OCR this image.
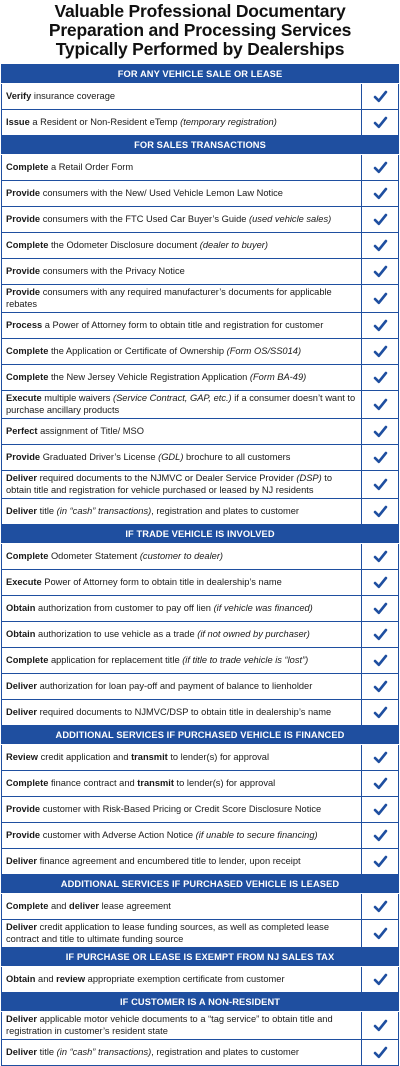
Valuable Professional Documentary
Preparation and Processing Services
Typically Performed by Dealerships
FOR ANY VEHICLE SALE OR LEASE
Verify insurance coverage
Issue a Resident or Non-Resident eTemp (temporary registration)
FOR SALES TRANSACTIONS
Complete a Retail Order Form
Provide consumers with the New/ Used Vehicle Lemon Law Notice
Provide consumers with the FTC Used Car Buyer’s Guide (used vehicle sales)
Complete the Odometer Disclosure document (dealer to buyer)
Provide consumers with the Privacy Notice
Provide consumers with any required manufacturer’s documents for applicable rebates
Process a Power of Attorney form to obtain title and registration for customer
Complete the Application or Certificate of Ownership (Form OS/SS014)
Complete the New Jersey Vehicle Registration Application (Form BA-49)
Execute multiple waivers (Service Contract, GAP, etc.) if a consumer doesn’t want to purchase ancillary products
Perfect assignment of Title/ MSO
Provide Graduated Driver’s License (GDL) brochure to all customers
Deliver required documents to the NJMVC or Dealer Service Provider (DSP) to obtain title and registration for vehicle purchased or leased by NJ residents
Deliver title (in “cash” transactions), registration and plates to customer
IF TRADE VEHICLE IS INVOLVED
Complete Odometer Statement (customer to dealer)
Execute Power of Attorney form to obtain title in dealership’s name
Obtain authorization from customer to pay off lien (if vehicle was financed)
Obtain authorization to use vehicle as a trade (if not owned by purchaser)
Complete application for replacement title (if title to trade vehicle is “lost”)
Deliver authorization for loan pay-off and payment of balance to lienholder
Deliver required documents to NJMVC/DSP to obtain title in dealership’s name
ADDITIONAL SERVICES IF PURCHASED VEHICLE IS FINANCED
Review credit application and transmit to lender(s) for approval
Complete finance contract and transmit to lender(s) for approval
Provide customer with Risk-Based Pricing or Credit Score Disclosure Notice
Provide customer with Adverse Action Notice (if unable to secure financing)
Deliver finance agreement and encumbered title to lender, upon receipt
ADDITIONAL SERVICES IF PURCHASED VEHICLE IS LEASED
Complete and deliver lease agreement
Deliver credit application to lease funding sources, as well as completed lease contract and title to ultimate funding source
IF PURCHASE OR LEASE IS EXEMPT FROM NJ SALES TAX
Obtain and review appropriate exemption certificate from customer
IF CUSTOMER IS A NON-RESIDENT
Deliver applicable motor vehicle documents to a “tag service” to obtain title and registration in customer’s resident state
Deliver title (in “cash” transactions), registration and plates to customer
